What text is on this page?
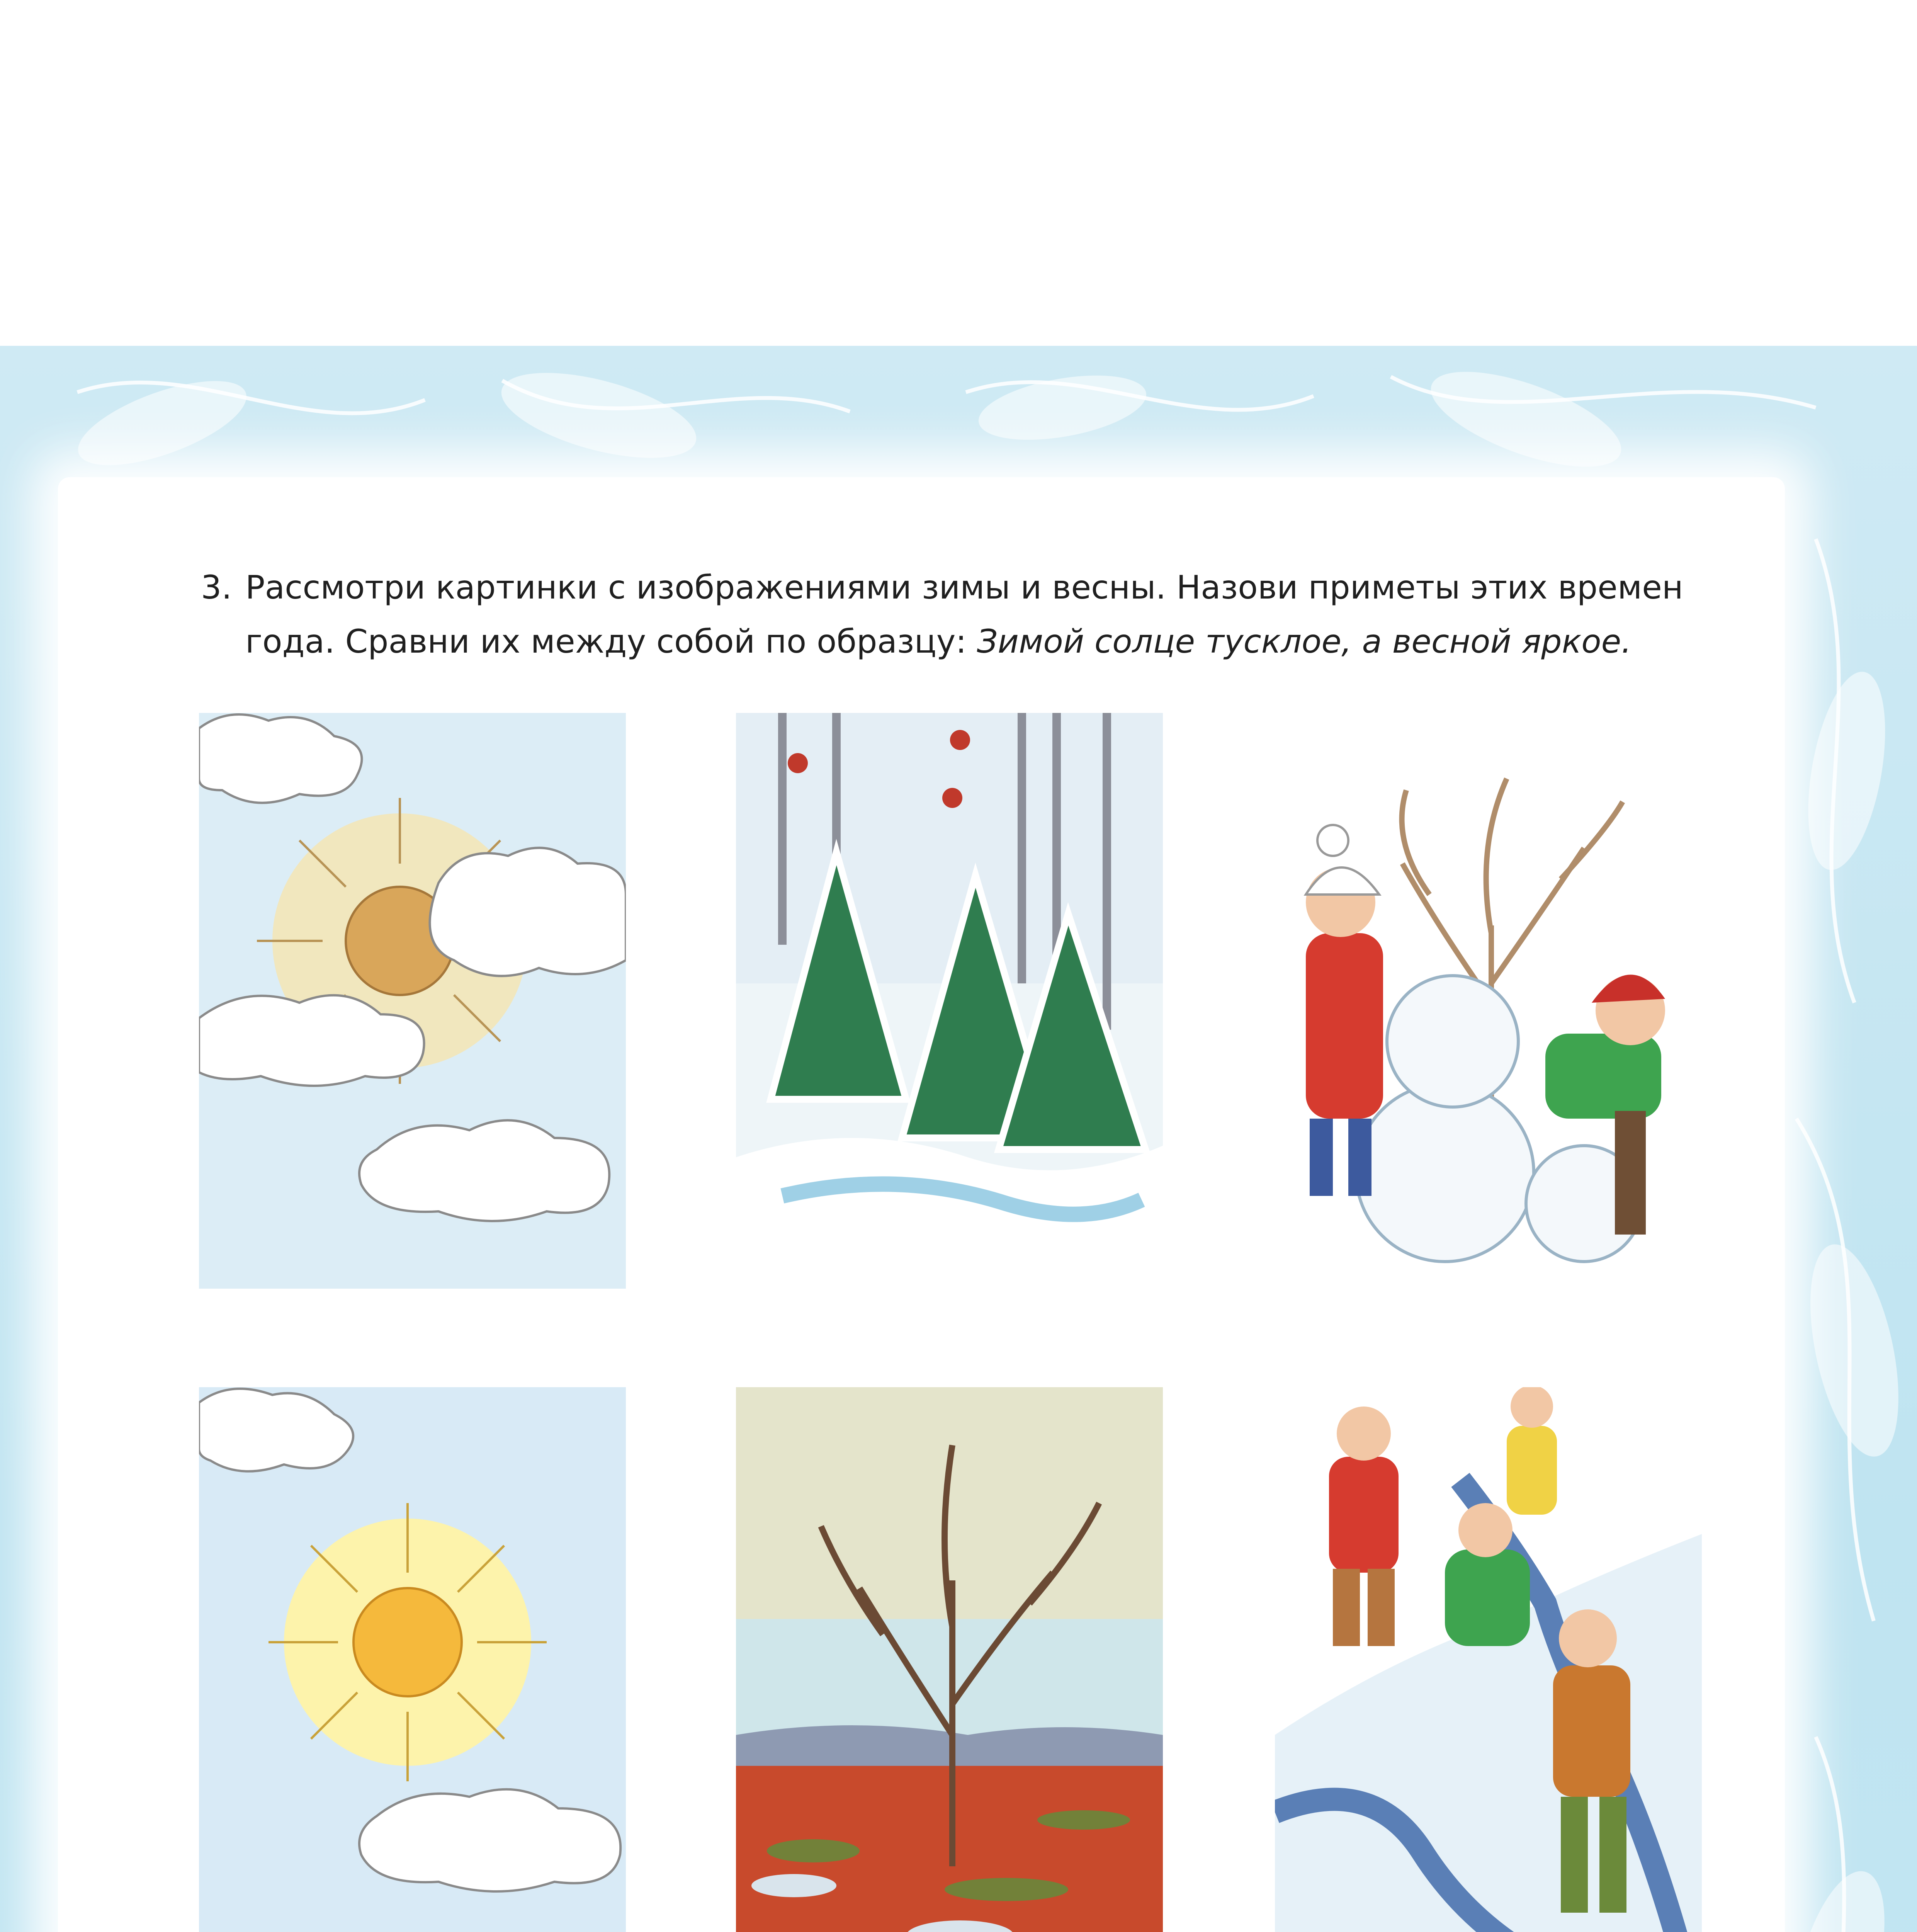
3. Рассмотри картинки с изображениями зимы и весны. Назови приметы этих времен года. Сравни их между собой по образцу: Зимой солце тусклое, а весной яркое.
